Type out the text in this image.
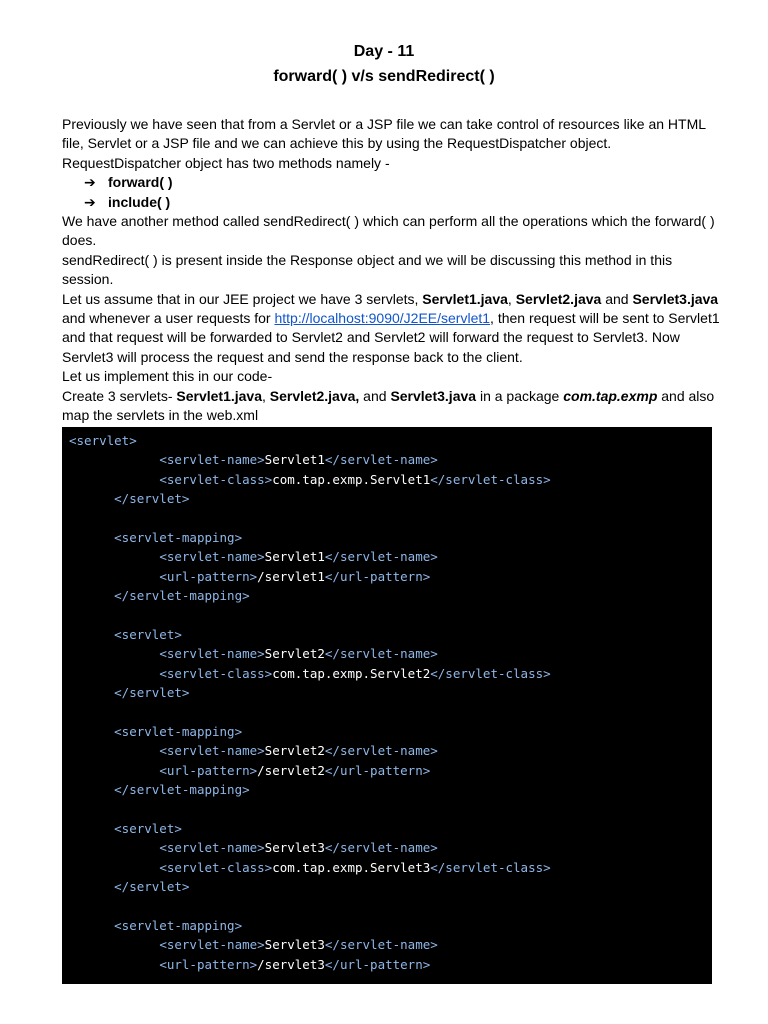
Day - 11
forward( ) v/s sendRedirect( )

Previously we have seen that from a Servlet or a JSP file we can take control of resources like an HTML file, Servlet or a JSP file and we can achieve this by using the RequestDispatcher object.

RequestDispatcher object has two methods namely -

➔ forward( )
➔ include( )

We have another method called sendRedirect( ) which can perform all the operations which the forward( ) does.

sendRedirect( ) is present inside the Response object and we will be discussing this method in this session.

Let us assume that in our JEE project we have 3 servlets, Servlet1.java, Servlet2.java and Servlet3.java and whenever a user requests for http://localhost:9090/J2EE/servlet1, then request will be sent to Servlet1 and that request will be forwarded to Servlet2 and Servlet2 will forward the request to Servlet3. Now Servlet3 will process the request and send the response back to the client.

Let us implement this in our code-

Create 3 servlets- Servlet1.java, Servlet2.java, and Servlet3.java in a package com.tap.exmp and also map the servlets in the web.xml

<servlet>
<servlet-name>Servlet1</servlet-name>
<servlet-class>com.tap.exmp.Servlet1</servlet-class>
</servlet>
<servlet-mapping>
<servlet-name>Servlet1</servlet-name>
<url-pattern>/servlet1</url-pattern>
</servlet-mapping>
<servlet>
<servlet-name>Servlet2</servlet-name>
<servlet-class>com.tap.exmp.Servlet2</servlet-class>
</servlet>
<servlet-mapping>
<servlet-name>Servlet2</servlet-name>
<url-pattern>/servlet2</url-pattern>
</servlet-mapping>
<servlet>
<servlet-name>Servlet3</servlet-name>
<servlet-class>com.tap.exmp.Servlet3</servlet-class>
</servlet>
<servlet-mapping>
<servlet-name>Servlet3</servlet-name>
<url-pattern>/servlet3</url-pattern>
